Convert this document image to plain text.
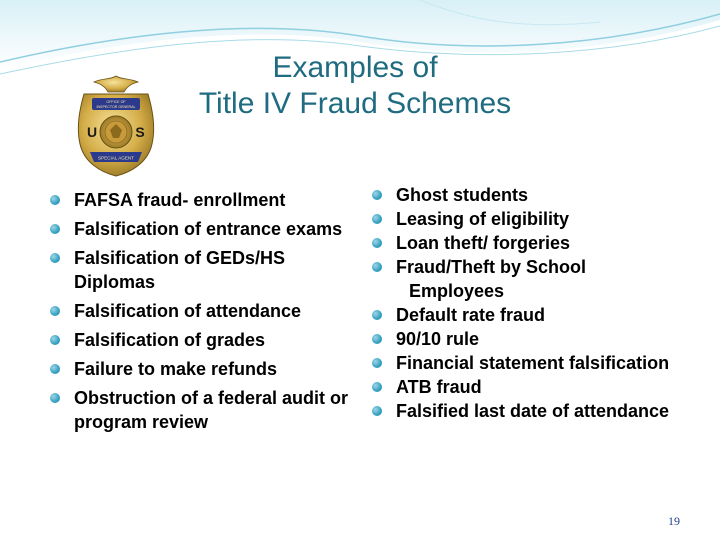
Examples of
Title IV Fraud Schemes
OFFICE OF
INSPECTOR GENERAL
U	S
SPECIAL AGENT
FAFSA fraud- enrollment
Falsification of entrance exams
Falsification of GEDs/HS Diplomas
Falsification of attendance
Falsification of grades
Failure to make refunds
Obstruction of a federal audit or program review
Ghost students
Leasing of eligibility
Loan theft/ forgeries
Fraud/Theft by School
Employees
Default rate fraud
90/10 rule
Financial statement falsification
ATB fraud
Falsified last date of attendance
19
